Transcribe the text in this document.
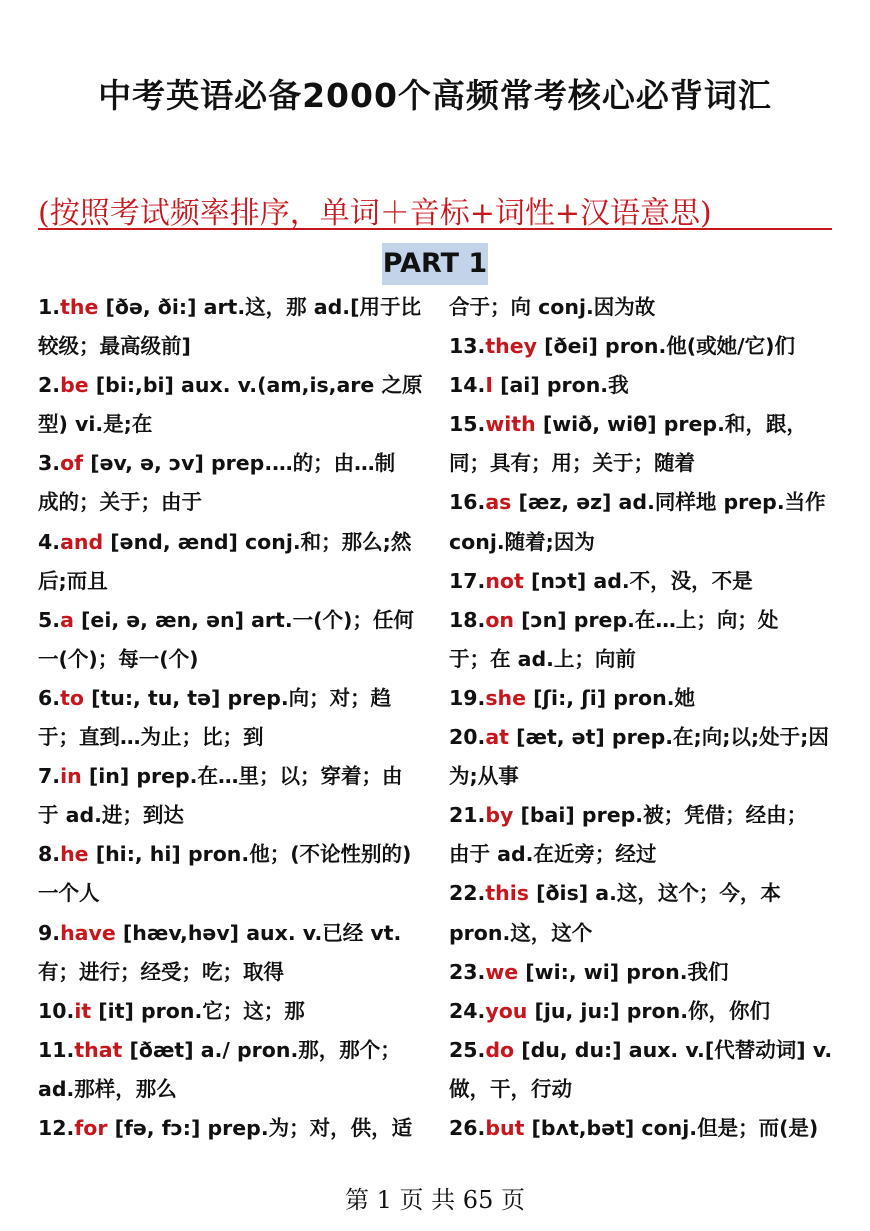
中考英语必备2000个高频常考核心必背词汇
(按照考试频率排序，单词＋音标+词性+汉语意思)
PART 1
1.the [ðə, ði:] art.这，那 ad.[用于比
较级；最高级前]
2.be [bi:,bi] aux. v.(am,is,are 之原
型) vi.是;在
3.of [əv, ə, ɔv] prep.…的；由…制
成的；关于；由于
4.and [ənd, ænd] conj.和；那么;然
后;而且
5.a [ei, ə, æn, ən] art.一(个)；任何
一(个)；每一(个)
6.to [tu:, tu, tə] prep.向；对；趋
于；直到…为止；比；到
7.in [in] prep.在…里；以；穿着；由
于 ad.进；到达
8.he [hi:, hi] pron.他；(不论性别的)
一个人
9.have [hæv,həv] aux. v.已经 vt.
有；进行；经受；吃；取得
10.it [it] pron.它；这；那
11.that [ðæt] a./ pron.那，那个；
ad.那样，那么
12.for [fə, fɔ:] prep.为；对，供，适
合于；向 conj.因为故
13.they [ðei] pron.他(或她/它)们
14.I [ai] pron.我
15.with [wið, wiθ] prep.和，跟，
同；具有；用；关于；随着
16.as [æz, əz] ad.同样地 prep.当作
conj.随着;因为
17.not [nɔt] ad.不，没，不是
18.on [ɔn] prep.在…上；向；处
于；在 ad.上；向前
19.she [ʃi:, ʃi] pron.她
20.at [æt, ət] prep.在;向;以;处于;因
为;从事
21.by [bai] prep.被；凭借；经由；
由于 ad.在近旁；经过
22.this [ðis] a.这，这个；今，本
pron.这，这个
23.we [wi:, wi] pron.我们
24.you [ju, ju:] pron.你，你们
25.do [du, du:] aux. v.[代替动词] v.
做，干，行动
26.but [bʌt,bət] conj.但是；而(是)
第 1 页 共 65 页
